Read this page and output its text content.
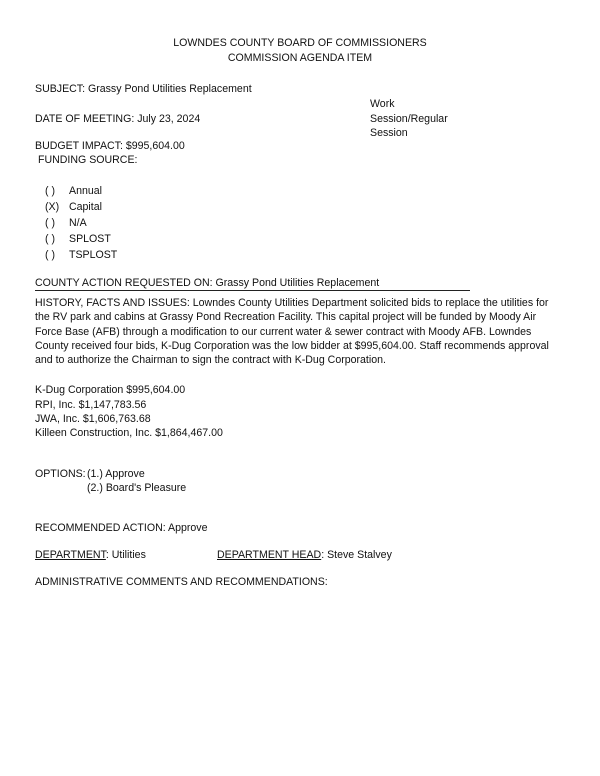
LOWNDES COUNTY BOARD OF COMMISSIONERS
COMMISSION AGENDA ITEM
SUBJECT: Grassy Pond Utilities Replacement
Work
Session/Regular
Session
DATE OF MEETING: July 23, 2024
BUDGET IMPACT: $995,604.00
FUNDING SOURCE:
( ) Annual
(X) Capital
( ) N/A
( ) SPLOST
( ) TSPLOST
COUNTY ACTION REQUESTED ON: Grassy Pond Utilities Replacement
HISTORY, FACTS AND ISSUES: Lowndes County Utilities Department solicited bids to replace the utilities for the RV park and cabins at Grassy Pond Recreation Facility. This capital project will be funded by Moody Air Force Base (AFB) through a modification to our current water & sewer contract with Moody AFB. Lowndes County received four bids, K-Dug Corporation was the low bidder at $995,604.00. Staff recommends approval and to authorize the Chairman to sign the contract with K-Dug Corporation.
K-Dug Corporation $995,604.00
RPI, Inc. $1,147,783.56
JWA, Inc. $1,606,763.68
Killeen Construction, Inc. $1,864,467.00
OPTIONS: (1.) Approve
(2.) Board's Pleasure
RECOMMENDED ACTION: Approve
DEPARTMENT: Utilities	DEPARTMENT HEAD: Steve Stalvey
ADMINISTRATIVE COMMENTS AND RECOMMENDATIONS:
